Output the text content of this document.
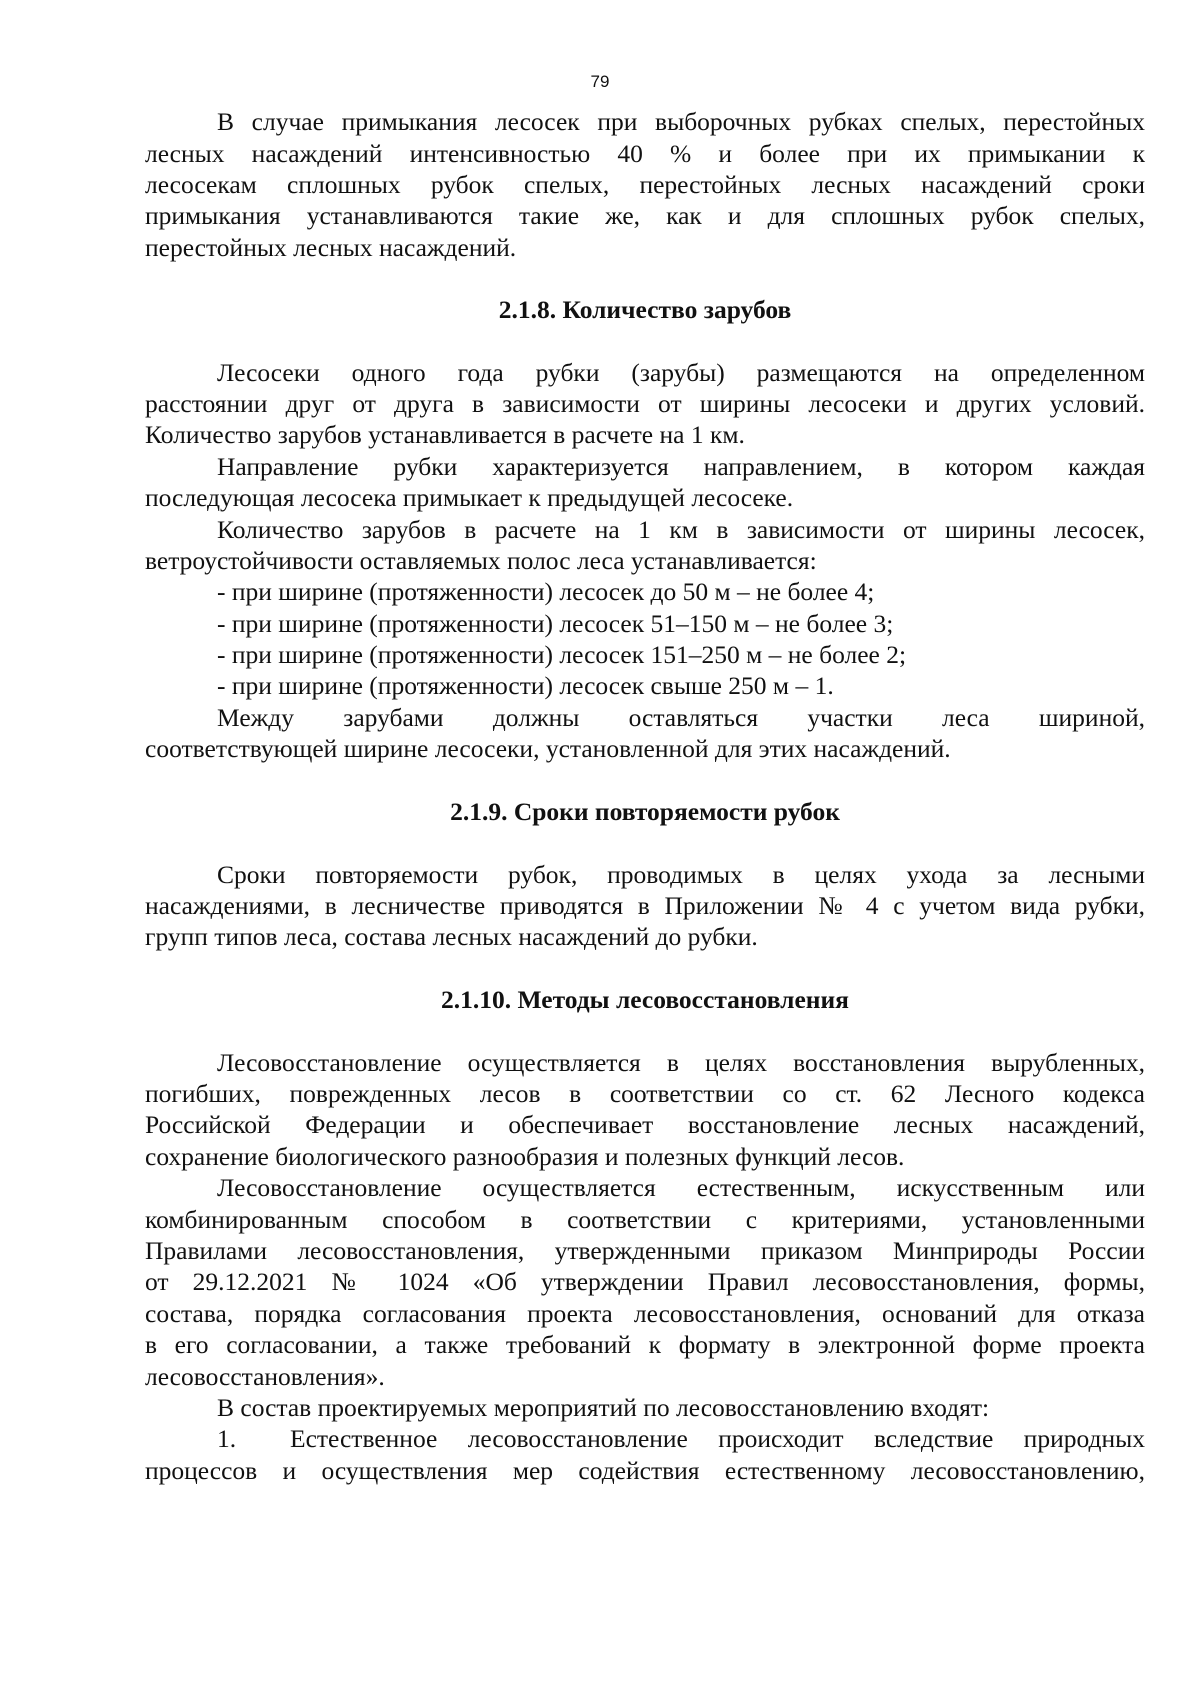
79
В случае примыкания лесосек при выборочных рубках спелых, перестойных
лесных насаждений интенсивностью 40 % и более при их примыкании к
лесосекам сплошных рубок спелых, перестойных лесных насаждений сроки
примыкания устанавливаются такие же, как и для сплошных рубок спелых,
перестойных лесных насаждений.
2.1.8. Количество зарубов
Лесосеки одного года рубки (зарубы) размещаются на определенном
расстоянии друг от друга в зависимости от ширины лесосеки и других условий.
Количество зарубов устанавливается в расчете на 1 км.
Направление рубки характеризуется направлением, в котором каждая
последующая лесосека примыкает к предыдущей лесосеке.
Количество зарубов в расчете на 1 км в зависимости от ширины лесосек,
ветроустойчивости оставляемых полос леса устанавливается:
- при ширине (протяженности) лесосек до 50 м – не более 4;
- при ширине (протяженности) лесосек 51–150 м – не более 3;
- при ширине (протяженности) лесосек 151–250 м – не более 2;
- при ширине (протяженности) лесосек свыше 250 м – 1.
Между зарубами должны оставляться участки леса шириной,
соответствующей ширине лесосеки, установленной для этих насаждений.
2.1.9. Сроки повторяемости рубок
Сроки повторяемости рубок, проводимых в целях ухода за лесными
насаждениями, в лесничестве приводятся в Приложении № 4 с учетом вида рубки,
групп типов леса, состава лесных насаждений до рубки.
2.1.10. Методы лесовосстановления
Лесовосстановление осуществляется в целях восстановления вырубленных,
погибших, поврежденных лесов в соответствии со ст. 62 Лесного кодекса
Российской Федерации и обеспечивает восстановление лесных насаждений,
сохранение биологического разнообразия и полезных функций лесов.
Лесовосстановление осуществляется естественным, искусственным или
комбинированным способом в соответствии с критериями, установленными
Правилами лесовосстановления, утвержденными приказом Минприроды России
от 29.12.2021 № 1024 «Об утверждении Правил лесовосстановления, формы,
состава, порядка согласования проекта лесовосстановления, оснований для отказа
в его согласовании, а также требований к формату в электронной форме проекта
лесовосстановления».
В состав проектируемых мероприятий по лесовосстановлению входят:
1. Естественное лесовосстановление происходит вследствие природных
процессов и осуществления мер содействия естественному лесовосстановлению,
